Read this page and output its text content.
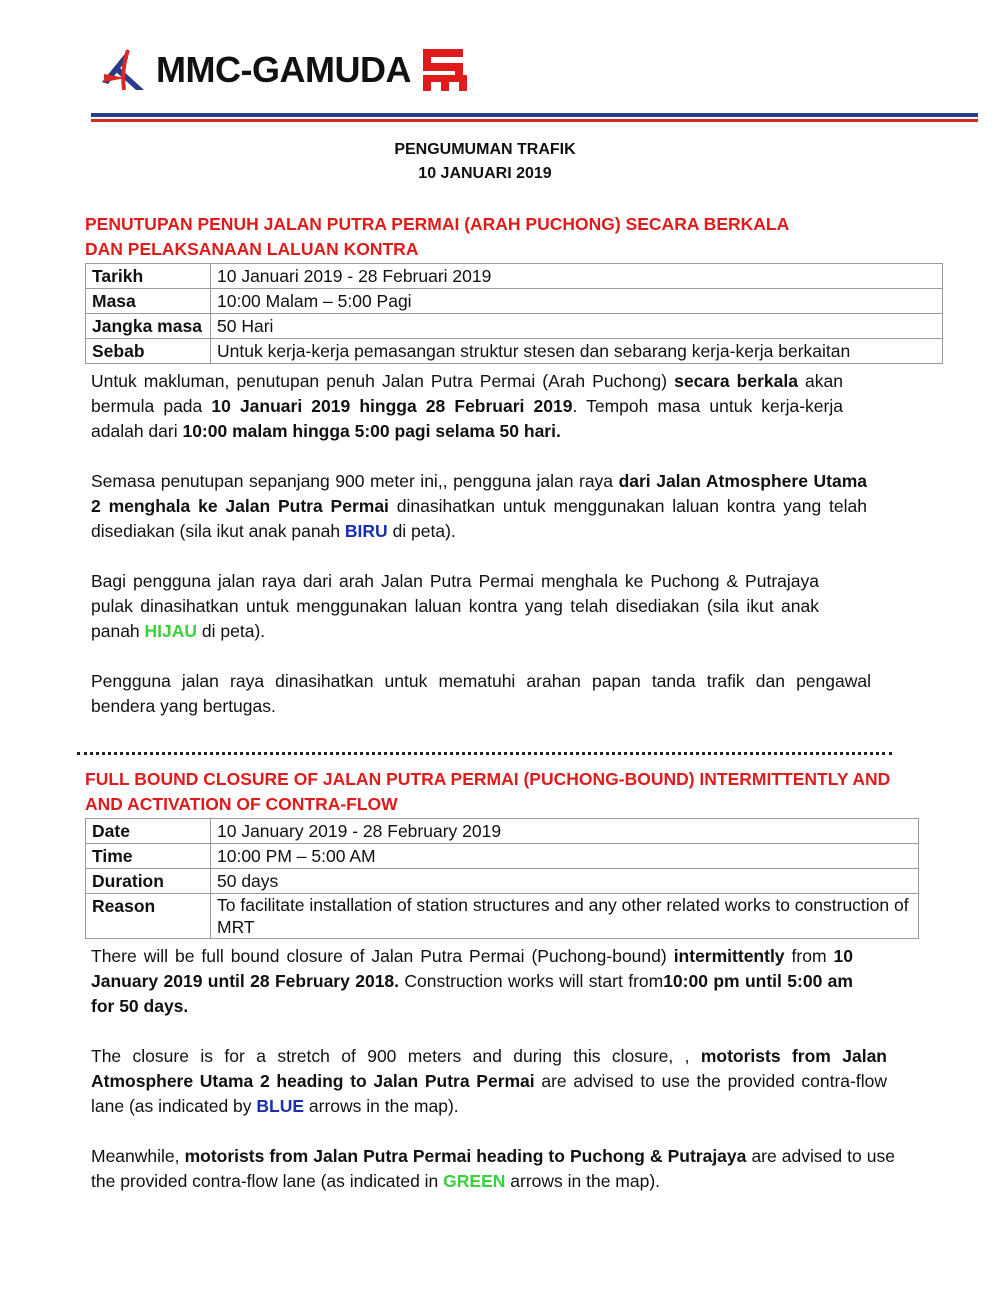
MMC-GAMUDA
PENGUMUMAN TRAFIK
10 JANUARI 2019
PENUTUPAN PENUH JALAN PUTRA PERMAI (ARAH PUCHONG) SECARA BERKALA DAN PELAKSANAAN LALUAN KONTRA
Tarikh	10 Januari 2019 - 28 Februari 2019
Masa	10:00 Malam – 5:00 Pagi
Jangka masa	50 Hari
Sebab	Untuk kerja-kerja pemasangan struktur stesen dan sebarang kerja-kerja berkaitan
Untuk makluman, penutupan penuh Jalan Putra Permai (Arah Puchong) secara berkala akan bermula pada 10 Januari 2019 hingga 28 Februari 2019. Tempoh masa untuk kerja-kerja adalah dari 10:00 malam hingga 5:00 pagi selama 50 hari.
Semasa penutupan sepanjang 900 meter ini,, pengguna jalan raya dari Jalan Atmosphere Utama 2 menghala ke Jalan Putra Permai dinasihatkan untuk menggunakan laluan kontra yang telah disediakan (sila ikut anak panah BIRU di peta).
Bagi pengguna jalan raya dari arah Jalan Putra Permai menghala ke Puchong & Putrajaya pulak dinasihatkan untuk menggunakan laluan kontra yang telah disediakan (sila ikut anak panah HIJAU di peta).
Pengguna jalan raya dinasihatkan untuk mematuhi arahan papan tanda trafik dan pengawal bendera yang bertugas.
FULL BOUND CLOSURE OF JALAN PUTRA PERMAI (PUCHONG-BOUND) INTERMITTENTLY AND AND ACTIVATION OF CONTRA-FLOW
Date	10 January 2019 - 28 February 2019
Time	10:00 PM – 5:00 AM
Duration	50 days
Reason	To facilitate installation of station structures and any other related works to construction of MRT
There will be full bound closure of Jalan Putra Permai (Puchong-bound) intermittently from 10 January 2019 until 28 February 2018. Construction works will start from10:00 pm until 5:00 am for 50 days.
The closure is for a stretch of 900 meters and during this closure, , motorists from Jalan Atmosphere Utama 2 heading to Jalan Putra Permai are advised to use the provided contra-flow lane (as indicated by BLUE arrows in the map).
Meanwhile, motorists from Jalan Putra Permai heading to Puchong & Putrajaya are advised to use the provided contra-flow lane (as indicated in GREEN arrows in the map).
